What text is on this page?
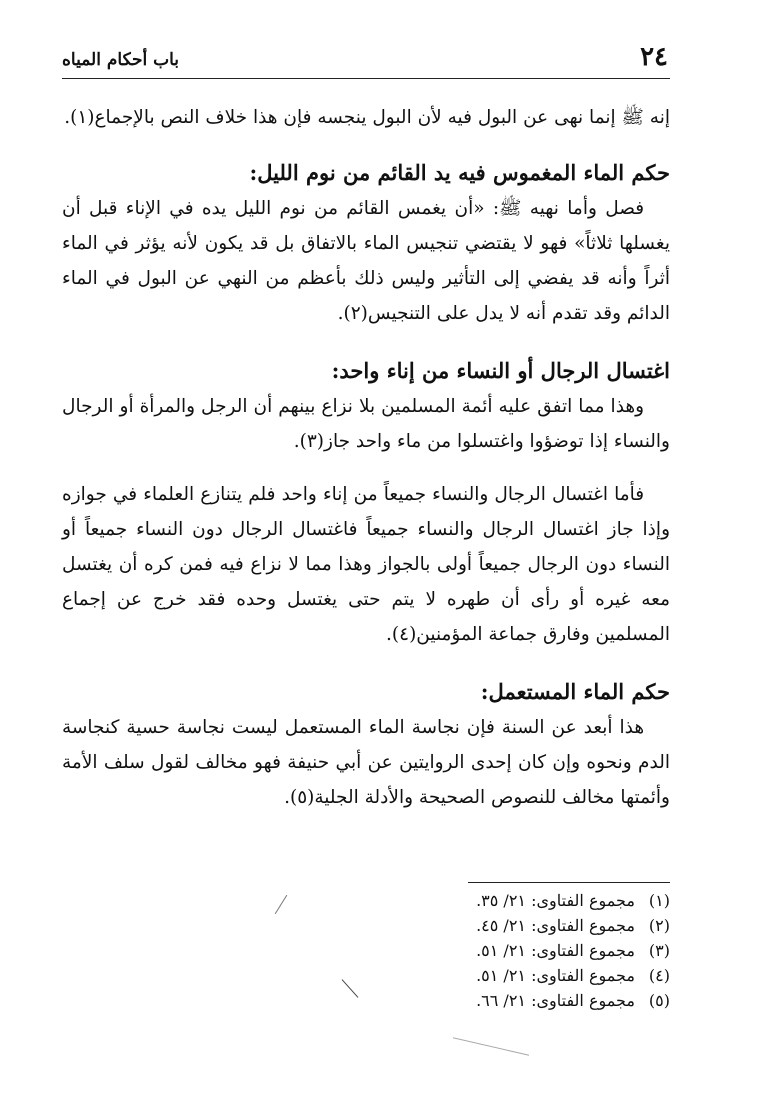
٢٤
باب أحكام المياه

إنه ﷺ إنما نهى عن البول فيه لأن البول ينجسه فإن هذا خلاف النص بالإجماع(١).

حكم الماء المغموس فيه يد القائم من نوم الليل:

فصل وأما نهيه ﷺ: «أن يغمس القائم من نوم الليل يده في الإناء قبل أن يغسلها ثلاثاً» فهو لا يقتضي تنجيس الماء بالاتفاق بل قد يكون لأنه يؤثر في الماء أثراً وأنه قد يفضي إلى التأثير وليس ذلك بأعظم من النهي عن البول في الماء الدائم وقد تقدم أنه لا يدل على التنجيس(٢).

اغتسال الرجال أو النساء من إناء واحد:

وهذا مما اتفق عليه أئمة المسلمين بلا نزاع بينهم أن الرجل والمرأة أو الرجال والنساء إذا توضؤوا واغتسلوا من ماء واحد جاز(٣).

فأما اغتسال الرجال والنساء جميعاً من إناء واحد فلم يتنازع العلماء في جوازه وإذا جاز اغتسال الرجال والنساء جميعاً فاغتسال الرجال دون النساء جميعاً أو النساء دون الرجال جميعاً أولى بالجواز وهذا مما لا نزاع فيه فمن كره أن يغتسل معه غيره أو رأى أن طهره لا يتم حتى يغتسل وحده فقد خرج عن إجماع المسلمين وفارق جماعة المؤمنين(٤).

حكم الماء المستعمل:

هذا أبعد عن السنة فإن نجاسة الماء المستعمل ليست نجاسة حسية كنجاسة الدم ونحوه وإن كان إحدى الروايتين عن أبي حنيفة فهو مخالف لقول سلف الأمة وأئمتها مخالف للنصوص الصحيحة والأدلة الجلية(٥).

(١) مجموع الفتاوى: ٢١/ ٣٥.
(٢) مجموع الفتاوى: ٢١/ ٤٥.
(٣) مجموع الفتاوى: ٢١/ ٥١.
(٤) مجموع الفتاوى: ٢١/ ٥١.
(٥) مجموع الفتاوى: ٢١/ ٦٦.
